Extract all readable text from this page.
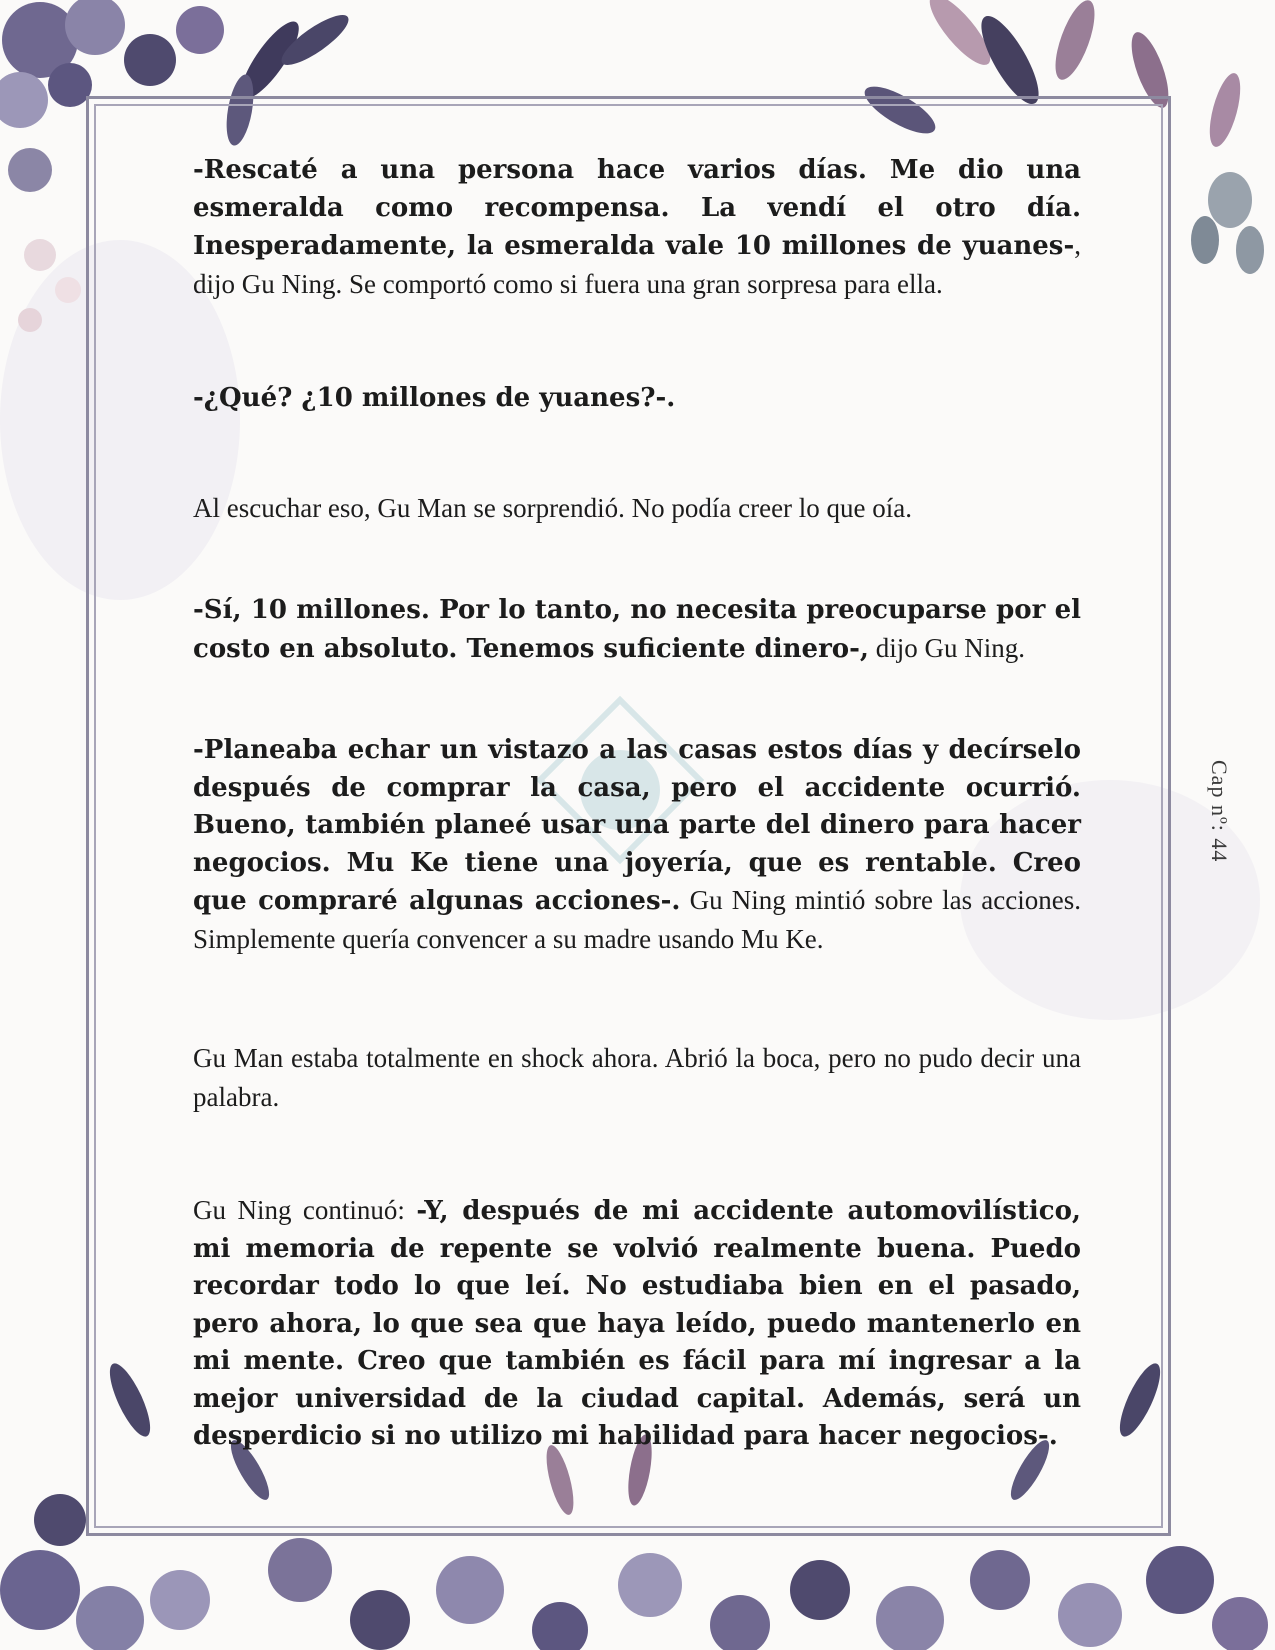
Cap nº: 44

-Rescaté a una persona hace varios días. Me dio una esmeralda como recompensa. La vendí el otro día. Inesperadamente, la esmeralda vale 10 millones de yuanes-, dijo Gu Ning. Se comportó como si fuera una gran sorpresa para ella.

-¿Qué? ¿10 millones de yuanes?-.

Al escuchar eso, Gu Man se sorprendió. No podía creer lo que oía.

-Sí, 10 millones. Por lo tanto, no necesita preocuparse por el costo en absoluto. Tenemos suficiente dinero-, dijo Gu Ning.

-Planeaba echar un vistazo a las casas estos días y decírselo después de comprar la casa, pero el accidente ocurrió. Bueno, también planeé usar una parte del dinero para hacer negocios. Mu Ke tiene una joyería, que es rentable. Creo que compraré algunas acciones-. Gu Ning mintió sobre las acciones. Simplemente quería convencer a su madre usando Mu Ke.

Gu Man estaba totalmente en shock ahora. Abrió la boca, pero no pudo decir una palabra.

Gu Ning continuó: -Y, después de mi accidente automovilístico, mi memoria de repente se volvió realmente buena. Puedo recordar todo lo que leí. No estudiaba bien en el pasado, pero ahora, lo que sea que haya leído, puedo mantenerlo en mi mente. Creo que también es fácil para mí ingresar a la mejor universidad de la ciudad capital. Además, será un desperdicio si no utilizo mi habilidad para hacer negocios-.
